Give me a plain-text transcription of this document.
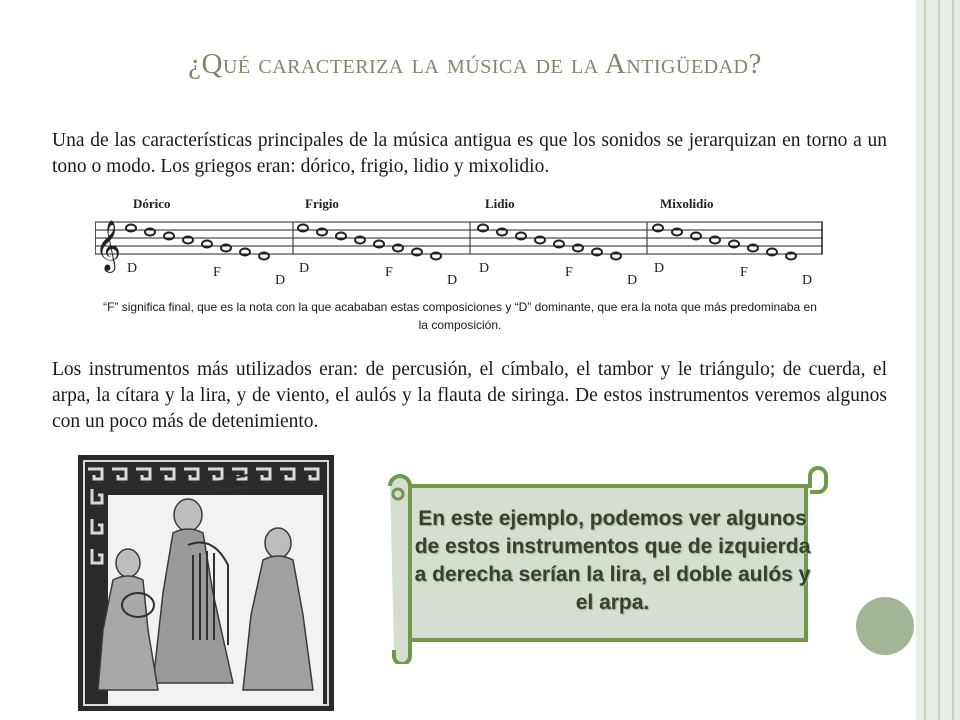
¿Qué caracteriza la música de la Antigüedad?
Una de las características principales de la música antigua es que los sonidos se jerarquizan en torno a un tono o modo. Los griegos eran: dórico, frigio, lidio y mixolidio.
𝄞
Dórico
D	F
D
Frigio
D	F
D
Lidio
D	F
D
Mixolidio
D	F
D
“F” significa final, que es la nota con la que acababan estas composiciones y “D” dominante, que era la nota que más predominaba en la composición.
Los instrumentos más utilizados eran: de percusión, el címbalo, el tambor y le triángulo; de cuerda, el arpa, la cítara y la lira, y de viento, el aulós y la flauta de siringa. De estos instrumentos veremos algunos con un poco más de detenimiento.
En este ejemplo, podemos ver algunos de estos instrumentos que de izquierda a derecha serían la lira, el doble aulós y el arpa.
